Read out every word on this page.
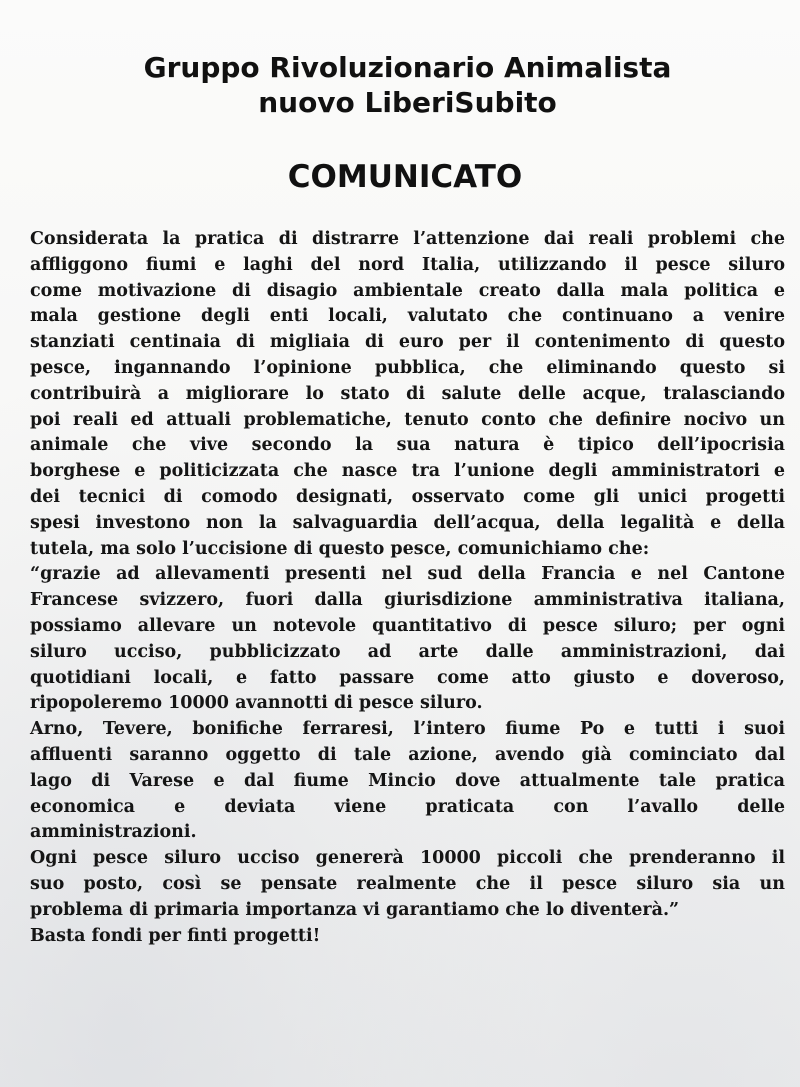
Gruppo Rivoluzionario Animalista
nuovo LiberiSubito
COMUNICATO
Considerata la pratica di distrarre l’attenzione dai reali problemi che
affliggono fiumi e laghi del nord Italia, utilizzando il pesce siluro
come motivazione di disagio ambientale creato dalla mala politica e
mala gestione degli enti locali, valutato che continuano a venire
stanziati centinaia di migliaia di euro per il contenimento di questo
pesce, ingannando l’opinione pubblica, che eliminando questo si
contribuirà a migliorare lo stato di salute delle acque, tralasciando
poi reali ed attuali problematiche, tenuto conto che definire nocivo un
animale che vive secondo la sua natura è tipico dell’ipocrisia
borghese e politicizzata che nasce tra l’unione degli amministratori e
dei tecnici di comodo designati, osservato come gli unici progetti
spesi investono non la salvaguardia dell’acqua, della legalità e della
tutela, ma solo l’uccisione di questo pesce, comunichiamo che:
“grazie ad allevamenti presenti nel sud della Francia e nel Cantone
Francese svizzero, fuori dalla giurisdizione amministrativa italiana,
possiamo allevare un notevole quantitativo di pesce siluro; per ogni
siluro ucciso, pubblicizzato ad arte dalle amministrazioni, dai
quotidiani locali, e fatto passare come atto giusto e doveroso,
ripopoleremo 10000 avannotti di pesce siluro.
Arno, Tevere, bonifiche ferraresi, l’intero fiume Po e tutti i suoi
affluenti saranno oggetto di tale azione, avendo già cominciato dal
lago di Varese e dal fiume Mincio dove attualmente tale pratica
economica e deviata viene praticata con l’avallo delle
amministrazioni.
Ogni pesce siluro ucciso genererà 10000 piccoli che prenderanno il
suo posto, così se pensate realmente che il pesce siluro sia un
problema di primaria importanza vi garantiamo che lo diventerà.”
Basta fondi per finti progetti!
